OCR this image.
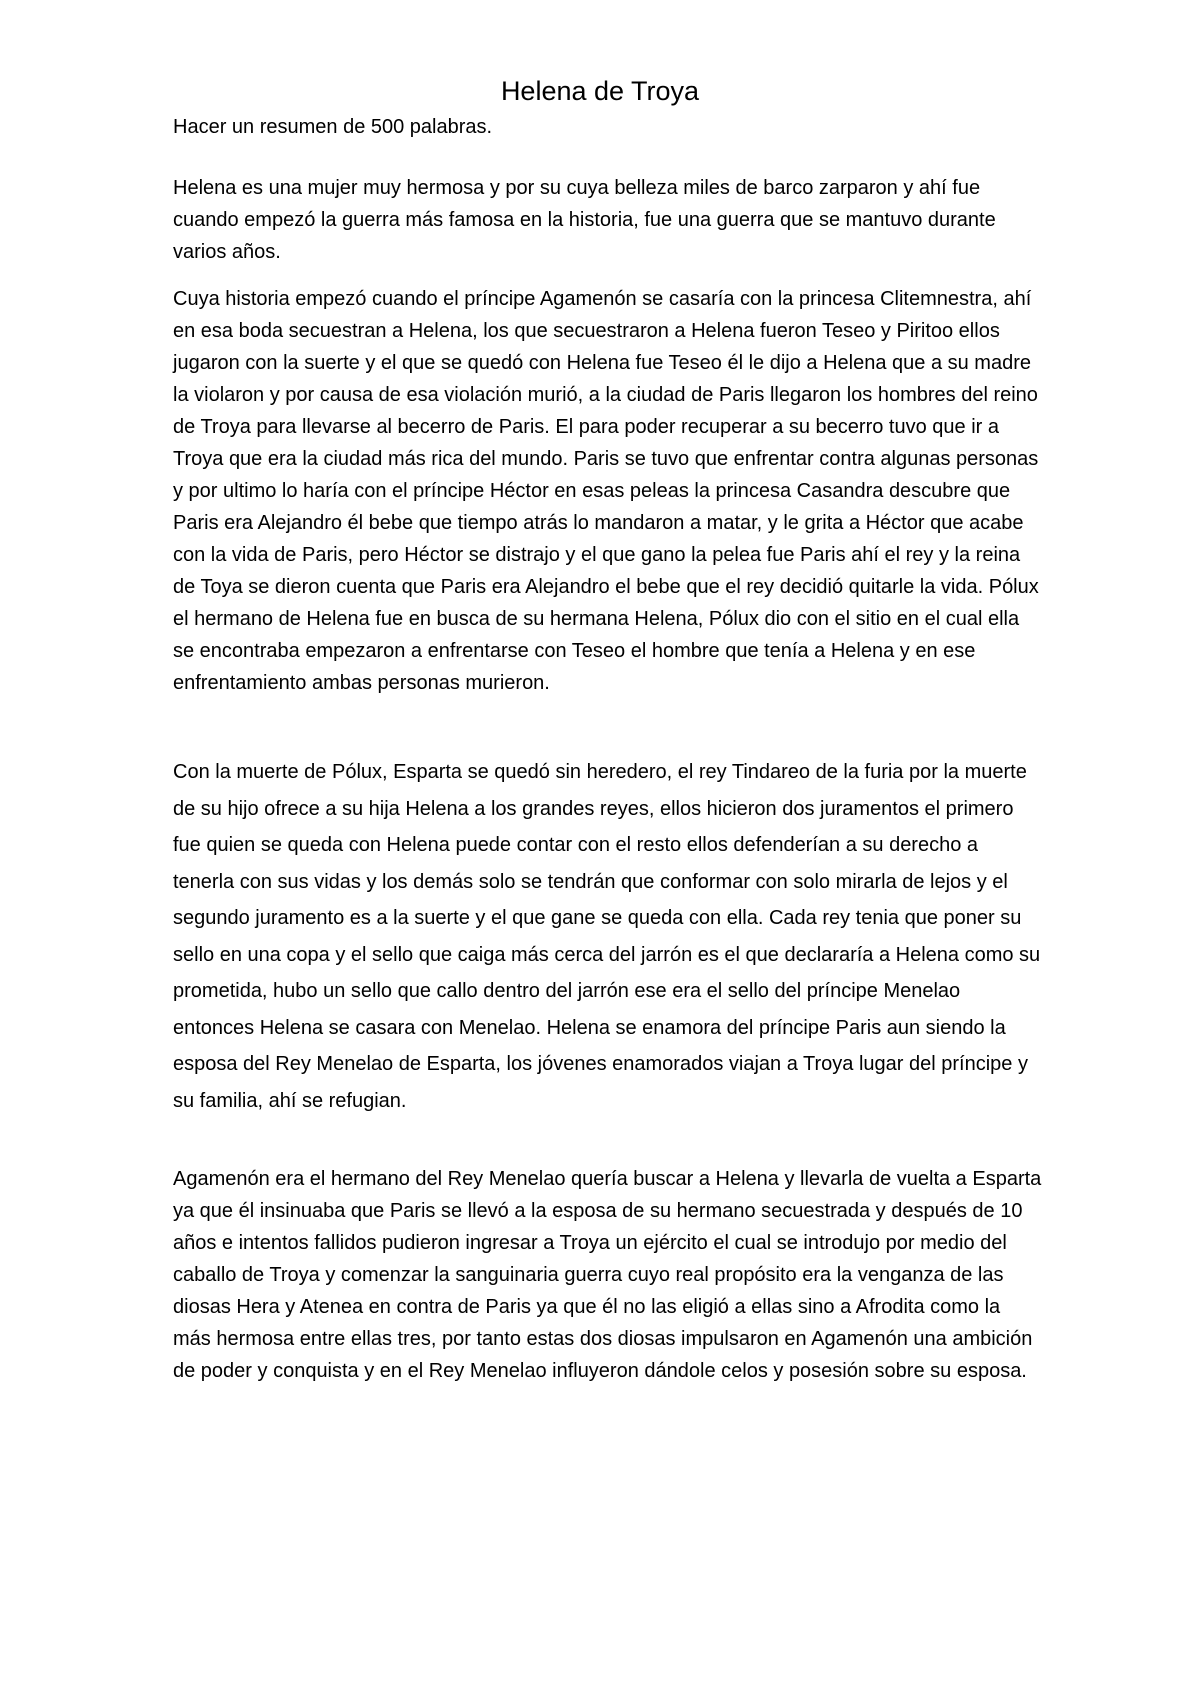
Helena de Troya

Hacer un resumen de 500 palabras.

Helena es una mujer muy hermosa y por su cuya belleza miles de barco zarparon y ahí fue cuando empezó la guerra más famosa en la historia, fue una guerra que se mantuvo durante varios años.

Cuya historia empezó cuando el príncipe Agamenón se casaría con la princesa Clitemnestra, ahí en esa boda secuestran a Helena, los que secuestraron a Helena fueron Teseo y Piritoo ellos jugaron con la suerte y el que se quedó con Helena fue Teseo él le dijo a Helena que a su madre la violaron y por causa de esa violación murió, a la ciudad de Paris llegaron los hombres del reino de Troya para llevarse al becerro de Paris. El para poder recuperar a su becerro tuvo que ir a Troya que era la ciudad más rica del mundo. Paris se tuvo que enfrentar contra algunas personas y por ultimo lo haría con el príncipe Héctor en esas peleas la princesa Casandra descubre que Paris era Alejandro él bebe que tiempo atrás lo mandaron a matar, y le grita a Héctor que acabe con la vida de Paris, pero Héctor se distrajo y el que gano la pelea fue Paris ahí el rey y la reina de Toya se dieron cuenta que Paris era Alejandro el bebe que el rey decidió quitarle la vida. Pólux el hermano de Helena fue en busca de su hermana Helena, Pólux dio con el sitio en el cual ella se encontraba empezaron a enfrentarse con Teseo el hombre que tenía a Helena y en ese enfrentamiento ambas personas murieron.

Con la muerte de Pólux, Esparta se quedó sin heredero, el rey Tindareo de la furia por la muerte de su hijo ofrece a su hija Helena a los grandes reyes, ellos hicieron dos juramentos el primero fue quien se queda con Helena puede contar con el resto ellos defenderían a su derecho a tenerla con sus vidas y los demás solo se tendrán que conformar con solo mirarla de lejos y el segundo juramento es a la suerte y el que gane se queda con ella. Cada rey tenia que poner su sello en una copa y el sello que caiga más cerca del jarrón es el que declararía a Helena como su prometida, hubo un sello que callo dentro del jarrón ese era el sello del príncipe Menelao entonces Helena se casara con Menelao. Helena se enamora del príncipe Paris aun siendo la esposa del Rey Menelao de Esparta, los jóvenes enamorados viajan a Troya lugar del príncipe y su familia, ahí se refugian.

Agamenón era el hermano del Rey Menelao quería buscar a Helena y llevarla de vuelta a Esparta ya que él insinuaba que Paris se llevó a la esposa de su hermano secuestrada y después de 10 años e intentos fallidos pudieron ingresar a Troya un ejército el cual se introdujo por medio del caballo de Troya y comenzar la sanguinaria guerra cuyo real propósito era la venganza de las diosas Hera y Atenea en contra de Paris ya que él no las eligió a ellas sino a Afrodita como la más hermosa entre ellas tres, por tanto estas dos diosas impulsaron en Agamenón una ambición de poder y conquista y en el Rey Menelao influyeron dándole celos y posesión sobre su esposa.
